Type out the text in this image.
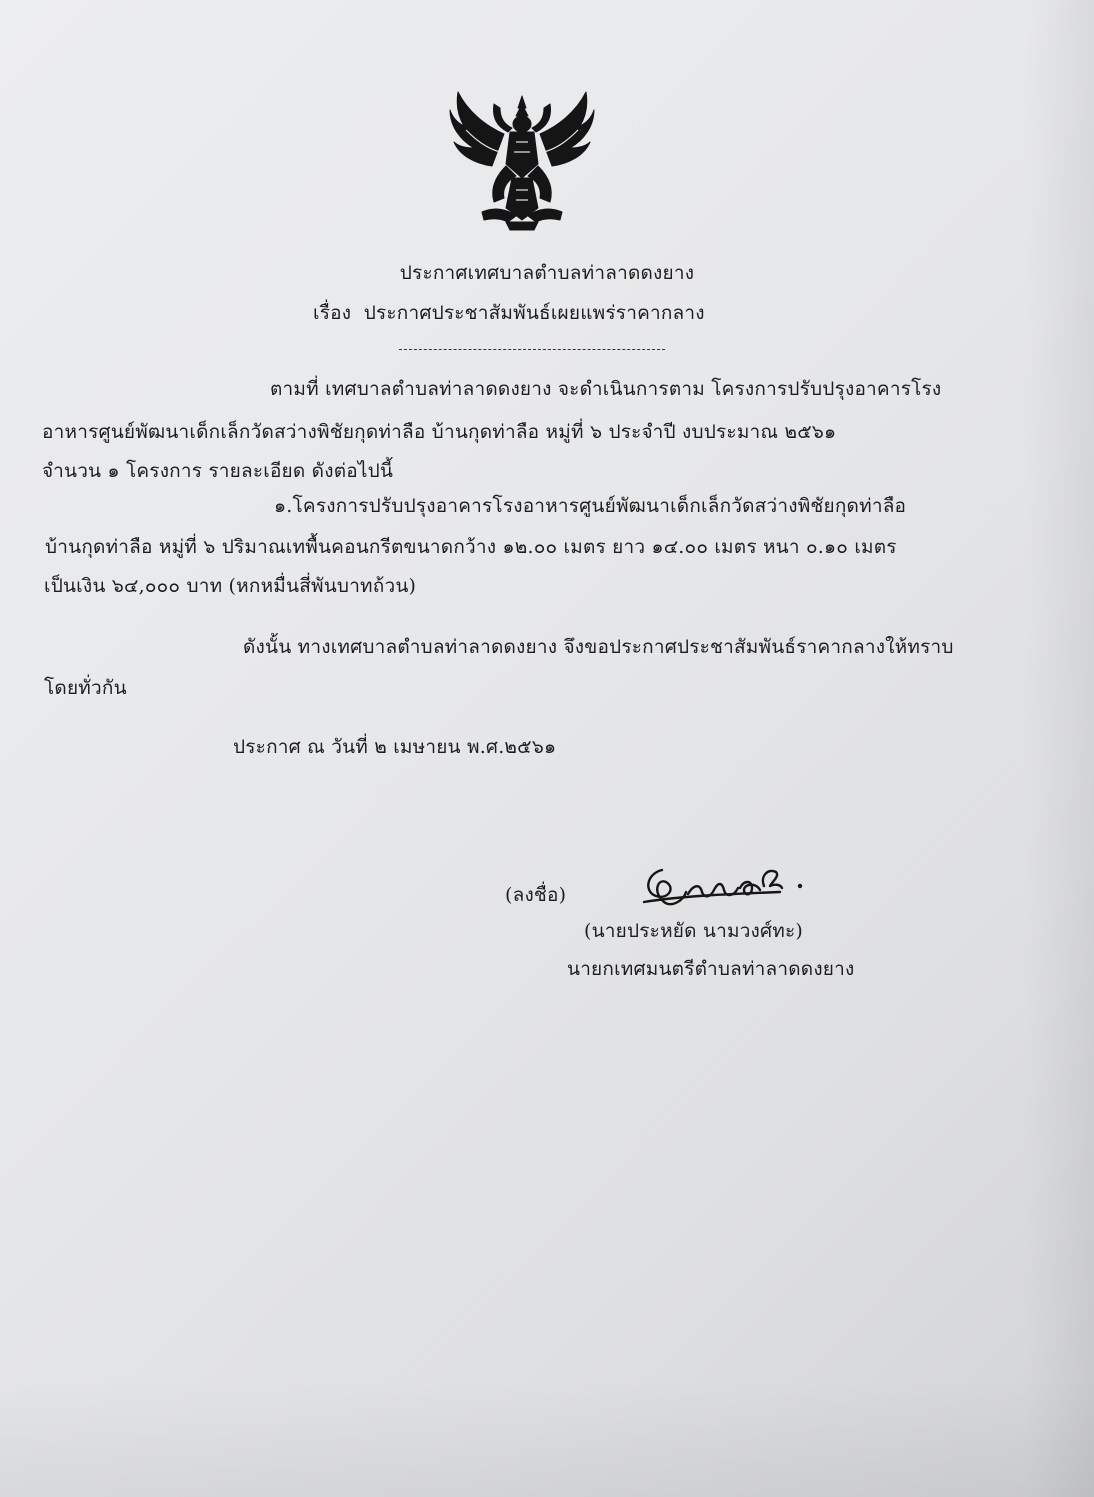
ประกาศเทศบาลตำบลท่าลาดดงยาง
เรื่อง ประกาศประชาสัมพันธ์เผยแพร่ราคากลาง
ตามที่ เทศบาลตำบลท่าลาดดงยาง จะดำเนินการตาม โครงการปรับปรุงอาคารโรง
อาหารศูนย์พัฒนาเด็กเล็กวัดสว่างพิชัยกุดท่าลือ บ้านกุดท่าลือ หมู่ที่ ๖ ประจำปี งบประมาณ ๒๕๖๑
จำนวน ๑ โครงการ รายละเอียด ดังต่อไปนี้
๑.โครงการปรับปรุงอาคารโรงอาหารศูนย์พัฒนาเด็กเล็กวัดสว่างพิชัยกุดท่าลือ
บ้านกุดท่าลือ หมู่ที่ ๖ ปริมาณเทพื้นคอนกรีตขนาดกว้าง ๑๒.๐๐ เมตร ยาว ๑๔.๐๐ เมตร หนา ๐.๑๐ เมตร
เป็นเงิน ๖๔,๐๐๐ บาท (หกหมื่นสี่พันบาทถ้วน)
ดังนั้น ทางเทศบาลตำบลท่าลาดดงยาง จึงขอประกาศประชาสัมพันธ์ราคากลางให้ทราบ
โดยทั่วกัน
ประกาศ ณ วันที่ ๒ เมษายน พ.ศ.๒๕๖๑
(ลงชื่อ)
(นายประหยัด นามวงศ์ทะ)
นายกเทศมนตรีตำบลท่าลาดดงยาง
